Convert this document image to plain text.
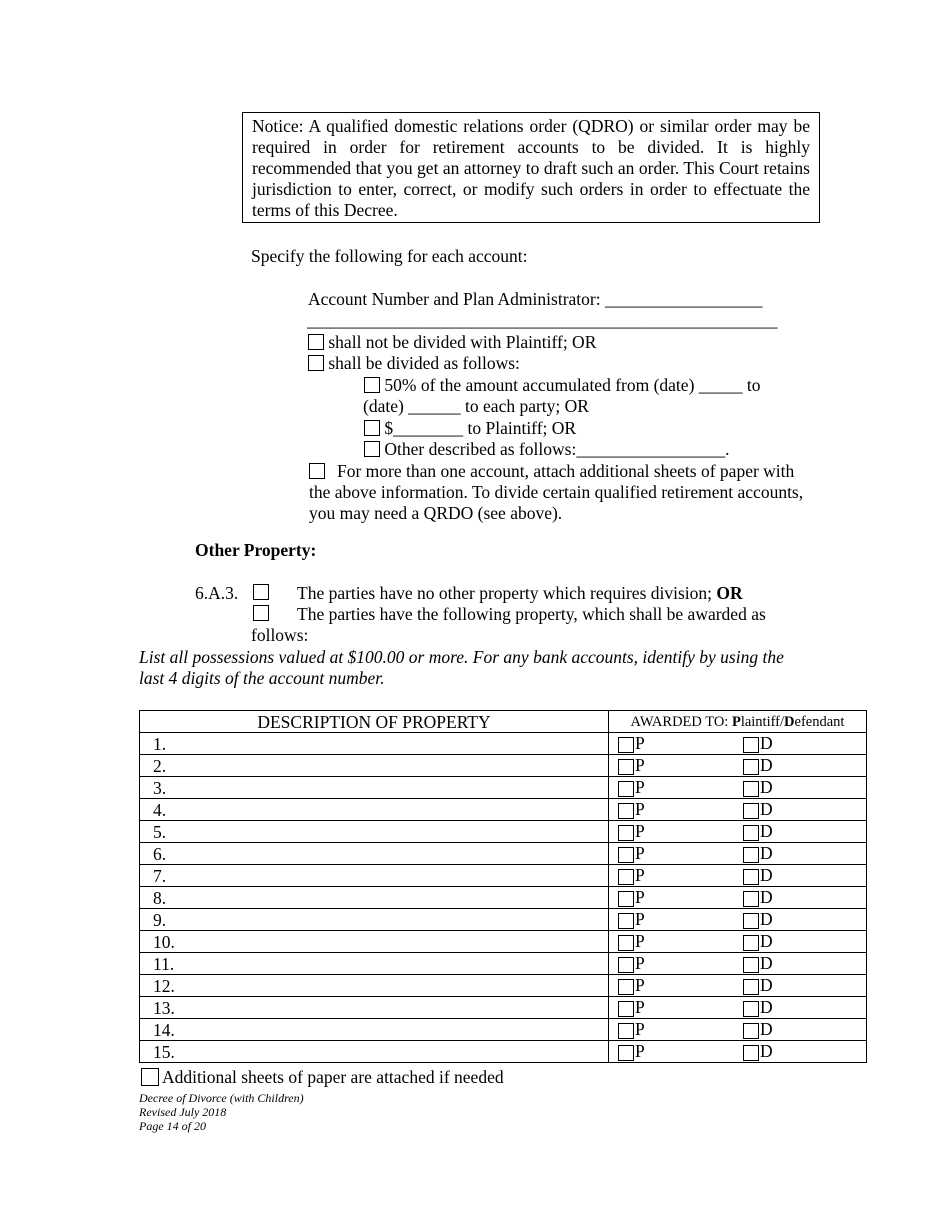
Notice: A qualified domestic relations order (QDRO) or similar order may be required in order for retirement accounts to be divided. It is highly recommended that you get an attorney to draft such an order. This Court retains jurisdiction to enter, correct, or modify such orders in order to effectuate the terms of this Decree.
Specify the following for each account:
Account Number and Plan Administrator: __________________
_____________________________________________________
shall not be divided with Plaintiff; OR
shall be divided as follows:
50% of the amount accumulated from (date) _____ to
(date) ______ to each party; OR
$________ to Plaintiff; OR
Other described as follows:_________________.
For more than one account, attach additional sheets of paper with the above information. To divide certain qualified retirement accounts, you may need a QRDO (see above).
Other Property:
6.A.3.	The parties have no other property which requires division; OR
The parties have the following property, which shall be awarded as
follows:
List all possessions valued at $100.00 or more. For any bank accounts, identify by using the last 4 digits of the account number.
DESCRIPTION OF PROPERTY	AWARDED TO: Plaintiff/Defendant
1.	P D

2.	P D

3.	P D

4.	P D

5.	P D

6.	P D

7.	P D

8.	P D

9.	P D

10.	P D

11.	P D

12.	P D

13.	P D

14.	P D

15.	P D
Additional sheets of paper are attached if needed
Decree of Divorce (with Children)
Revised July 2018
Page 14 of 20
